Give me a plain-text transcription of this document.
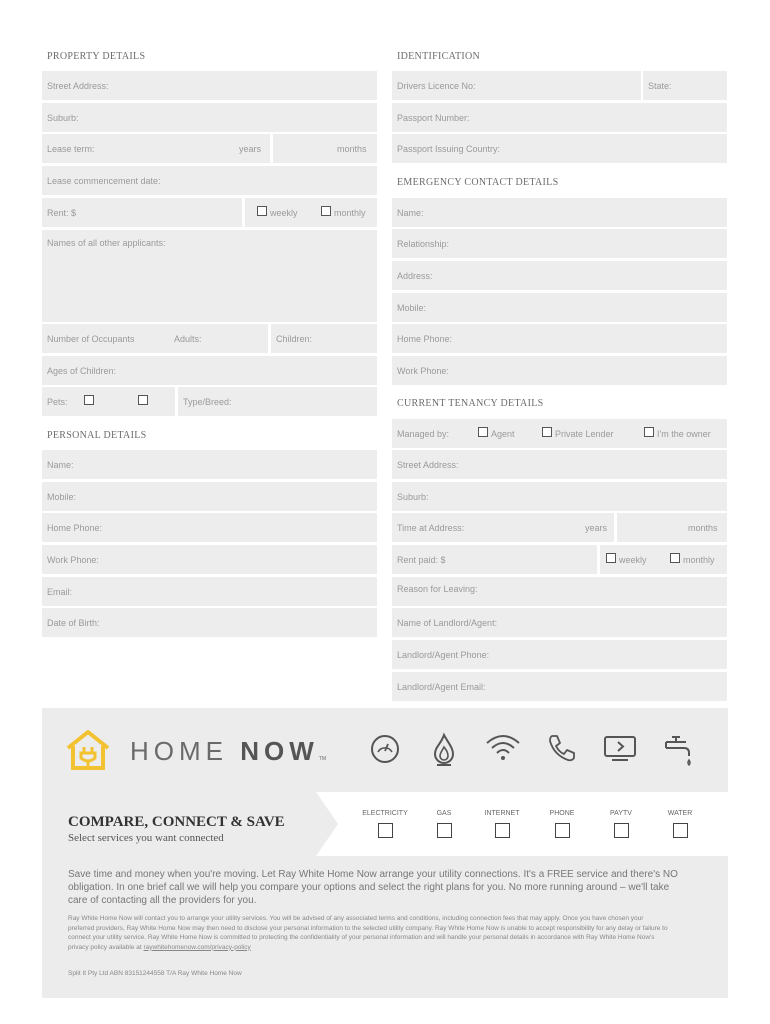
PROPERTY DETAILS
Street Address:
Suburb:
Lease term:	years	months
Lease commencement date:
Rent: $	weekly	monthly
Names of all other applicants:
Number of Occupants	Adults:	Children:
Ages of Children:
Pets:	Type/Breed:
PERSONAL DETAILS
Name:
Mobile:
Home Phone:
Work Phone:
Email:
Date of Birth:
IDENTIFICATION
Drivers Licence No:	State:
Passport Number:
Passport Issuing Country:
EMERGENCY CONTACT DETAILS
Name:
Relationship:
Address:
Mobile:
Home Phone:
Work Phone:
CURRENT TENANCY DETAILS
Managed by:	Agent	Private Lender	I'm the owner
Street Address:
Suburb:
Time at Address:	years	months
Rent paid: $	weekly	monthly
Reason for Leaving:
Name of Landlord/Agent:
Landlord/Agent Phone:
Landlord/Agent Email:
HOME NOWTM
COMPARE, CONNECT & SAVE
Select services you want connected
ELECTRICITY	GAS	INTERNET	PHONE	PAYTV	WATER
Save time and money when you're moving. Let Ray White Home Now arrange your utility connections. It's a FREE service and there's NO obligation. In one brief call we will help you compare your options and select the right plans for you. No more running around – we'll take care of contacting all the providers for you.
Ray White Home Now will contact you to arrange your utility services. You will be advised of any associated terms and conditions, including connection fees that may apply. Once you have chosen your preferred providers, Ray White Home Now may then need to disclose your personal information to the selected utility company. Ray White Home Now is unable to accept responsibility for any delay or failure to connect your utility service. Ray White Home Now is committed to protecting the confidentiality of your personal information and will handle your personal details in accordance with Ray White Home Now's privacy policy available at raywhitehomenow.com/privacy-policy
Split It Pty Ltd ABN 83151244558 T/A Ray White Home Now
